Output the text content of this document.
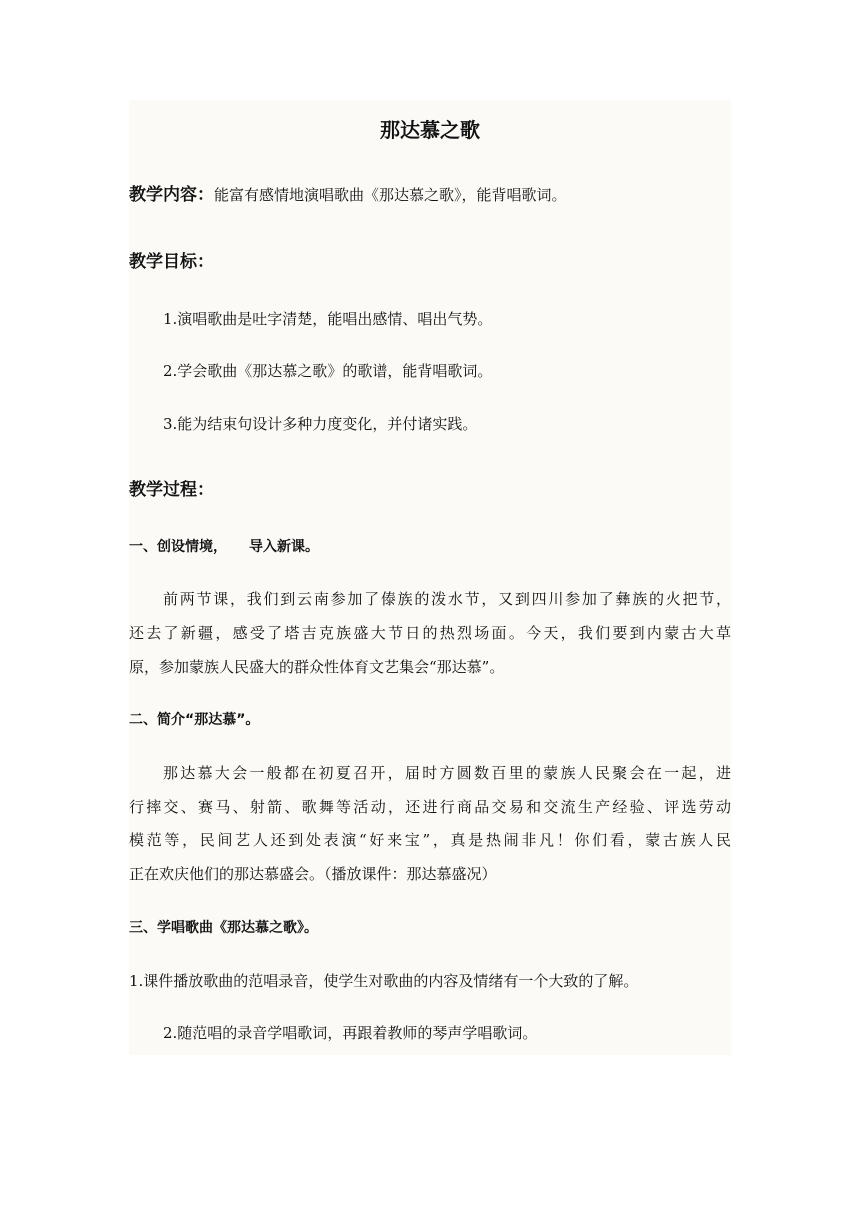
那达慕之歌
教学内容：能富有感情地演唱歌曲《那达慕之歌》，能背唱歌词。
教学目标：
1.演唱歌曲是吐字清楚，能唱出感情、唱出气势。
2.学会歌曲《那达慕之歌》的歌谱，能背唱歌词。
3.能为结束句设计多种力度变化，并付诸实践。
教学过程：
一、创设情境， 导入新课。
前两节课，我们到云南参加了傣族的泼水节，又到四川参加了彝族的火把节，
还去了新疆，感受了塔吉克族盛大节日的热烈场面。今天，我们要到内蒙古大草
原，参加蒙族人民盛大的群众性体育文艺集会“那达慕”。
二、简介“那达慕”。
那达慕大会一般都在初夏召开，届时方圆数百里的蒙族人民聚会在一起，进
行摔交、赛马、射箭、歌舞等活动，还进行商品交易和交流生产经验、评选劳动
模范等，民间艺人还到处表演“好来宝”，真是热闹非凡！你们看，蒙古族人民
正在欢庆他们的那达慕盛会。（播放课件：那达慕盛况）
三、学唱歌曲《那达慕之歌》。
1.课件播放歌曲的范唱录音，使学生对歌曲的内容及情绪有一个大致的了解。
2.随范唱的录音学唱歌词，再跟着教师的琴声学唱歌词。
